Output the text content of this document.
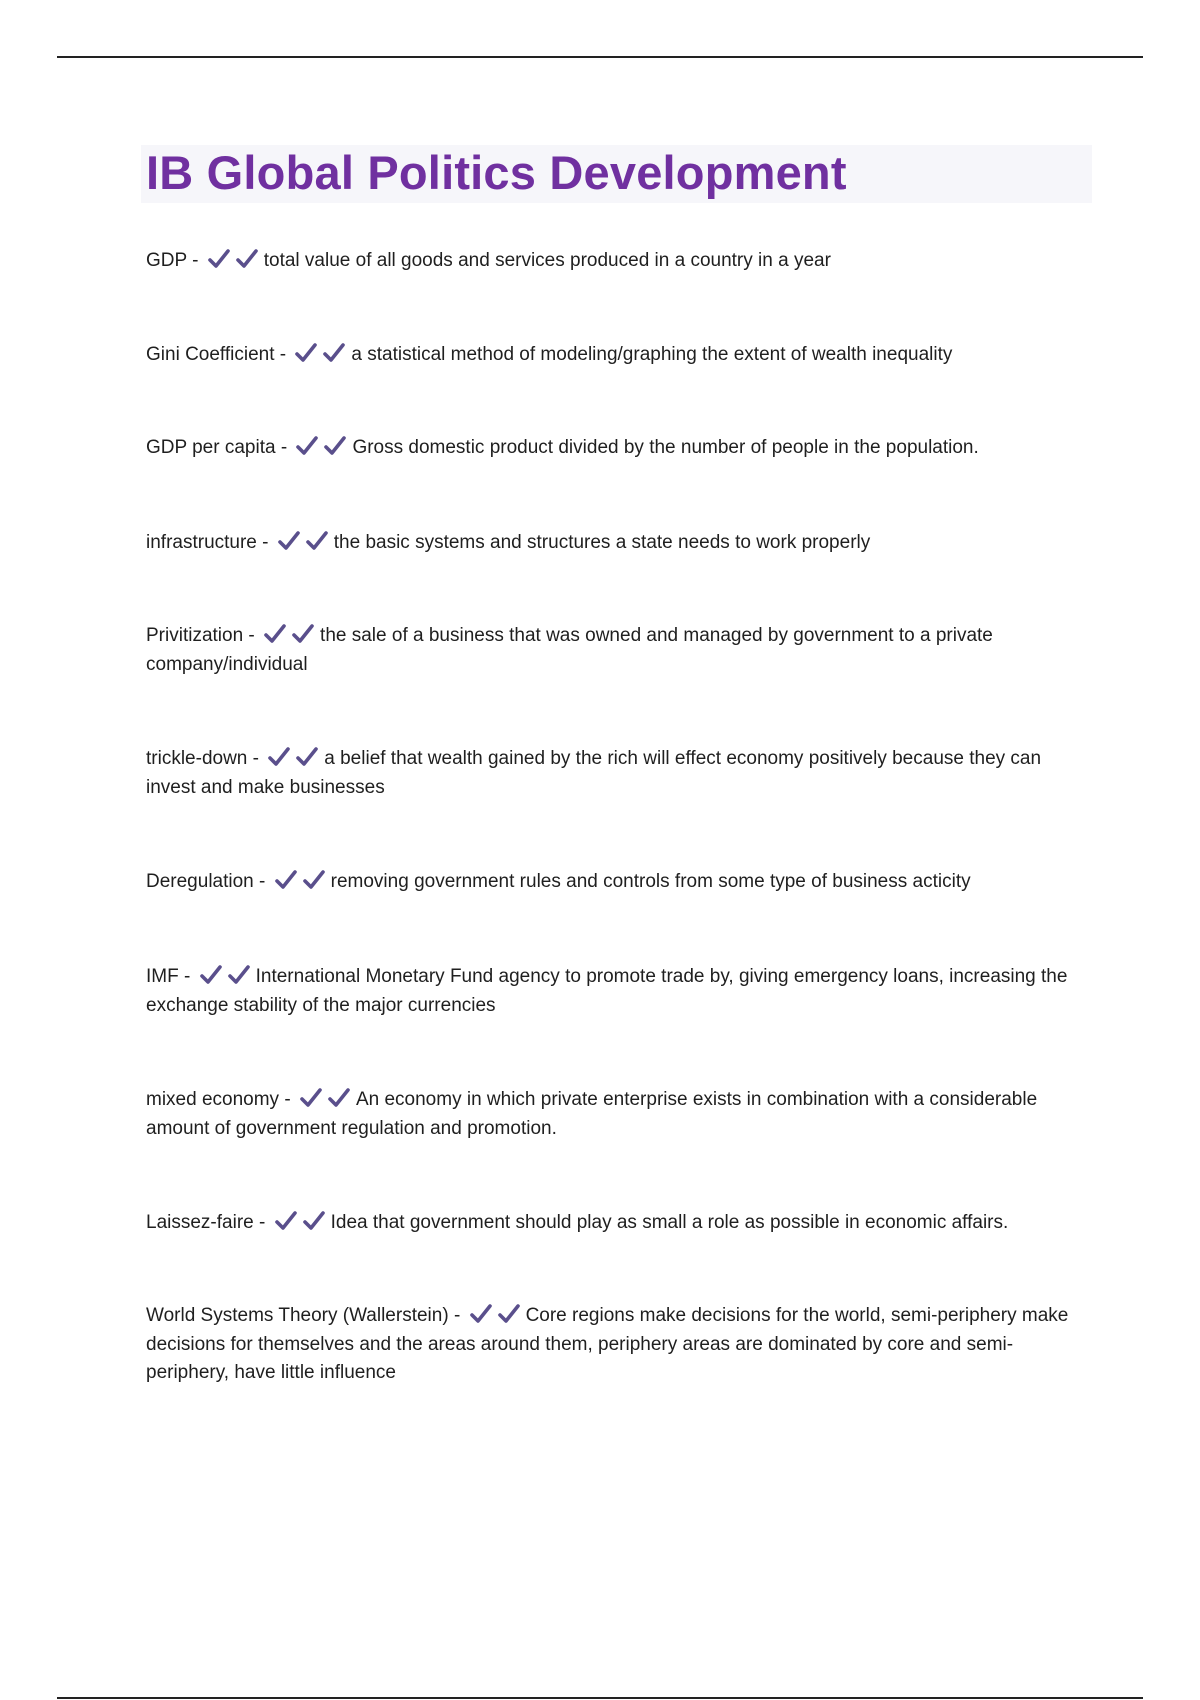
IB Global Politics Development

GDP -	total value of all goods and services produced in a country in a year

Gini Coefficient -	a statistical method of modeling/graphing the extent of wealth inequality

GDP per capita -	Gross domestic product divided by the number of people in the population.

infrastructure -	the basic systems and structures a state needs to work properly

Privitization -	the sale of a business that was owned and managed by government to a private company/individual

trickle-down -	a belief that wealth gained by the rich will effect economy positively because they can invest and make businesses

Deregulation -	removing government rules and controls from some type of business acticity

IMF -	International Monetary Fund agency to promote trade by, giving emergency loans, increasing the exchange stability of the major currencies

mixed economy -	An economy in which private enterprise exists in combination with a considerable amount of government regulation and promotion.

Laissez-faire -	Idea that government should play as small a role as possible in economic affairs.

World Systems Theory (Wallerstein) -	Core regions make decisions for the world, semi-periphery make decisions for themselves and the areas around them, periphery areas are dominated by core and semi-periphery, have little influence
